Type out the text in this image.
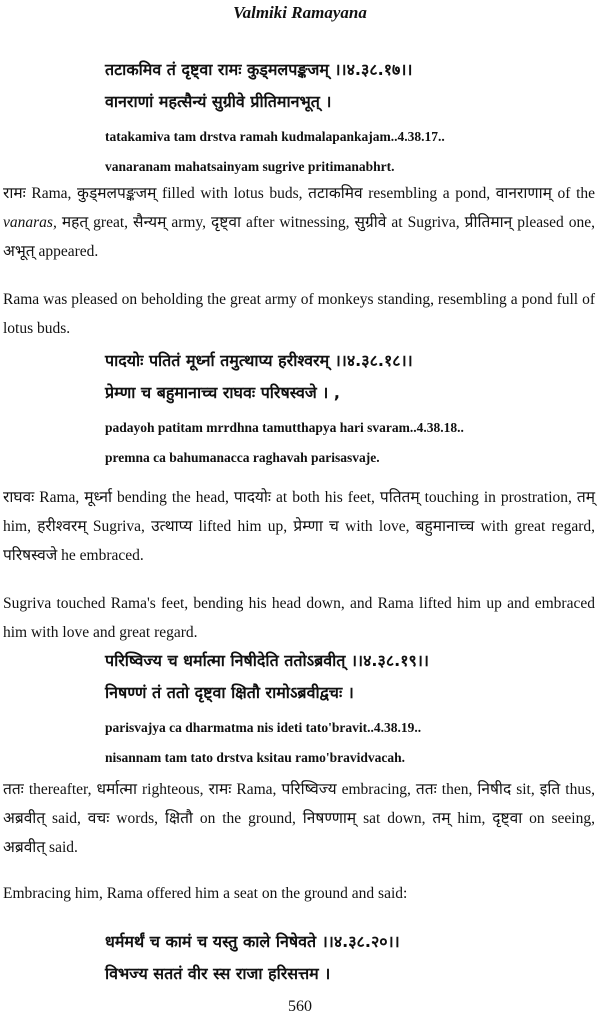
Valmiki Ramayana
तटाकमिव तं दृष्ट्वा रामः कुड्मलपङ्कजम् ।।४.३८.१७।।
वानराणां महत्सैन्यं सुग्रीवे प्रीतिमानभूत् ।
tatakamiva tam drstva ramah kudmalapankajam..4.38.17..
vanaranam mahatsainyam sugrive pritimanabhrt.
रामः Rama, कुड्मलपङ्कजम् filled with lotus buds, तटाकमिव resembling a pond, वानराणाम् of the vanaras, महत् great, सैन्यम् army, दृष्ट्वा after witnessing, सुग्रीवे at Sugriva, प्रीतिमान् pleased one, अभूत् appeared.
Rama was pleased on beholding the great army of monkeys standing, resembling a pond full of lotus buds.
पादयोः पतितं मूर्ध्ना तमुत्थाप्य हरीश्वरम् ।।४.३८.१८।।
प्रेम्णा च बहुमानाच्च राघवः परिषस्वजे । ,
padayoh patitam mrrdhna tamutthapya hari svaram..4.38.18..
premna ca bahumanacca raghavah parisasvaje.
राघवः Rama, मूर्ध्ना bending the head, पादयोः at both his feet, पतितम् touching in prostration, तम् him, हरीश्वरम् Sugriva, उत्थाप्य lifted him up, प्रेम्णा च with love, बहुमानाच्च with great regard, परिषस्वजे he embraced.
Sugriva touched Rama's feet, bending his head down, and Rama lifted him up and embraced him with love and great regard.
परिष्विज्य च धर्मात्मा निषीदेति ततोऽब्रवीत् ।।४.३८.१९।।
निषण्णं तं ततो दृष्ट्वा क्षितौ रामोऽब्रवीद्वचः ।
parisvajya ca dharmatma nis ideti tato'bravit..4.38.19..
nisannam tam tato drstva ksitau ramo'bravidvacah.
ततः thereafter, धर्मात्मा righteous, रामः Rama, परिष्विज्य embracing, ततः then, निषीद sit, इति thus, अब्रवीत् said, वचः words, क्षितौ on the ground, निषण्णाम् sat down, तम् him, दृष्ट्वा on seeing, अब्रवीत् said.
Embracing him, Rama offered him a seat on the ground and said:
धर्ममर्थं च कामं च यस्तु काले निषेवते ।।४.३८.२०।।
विभज्य सततं वीर स्स राजा हरिसत्तम ।
560
